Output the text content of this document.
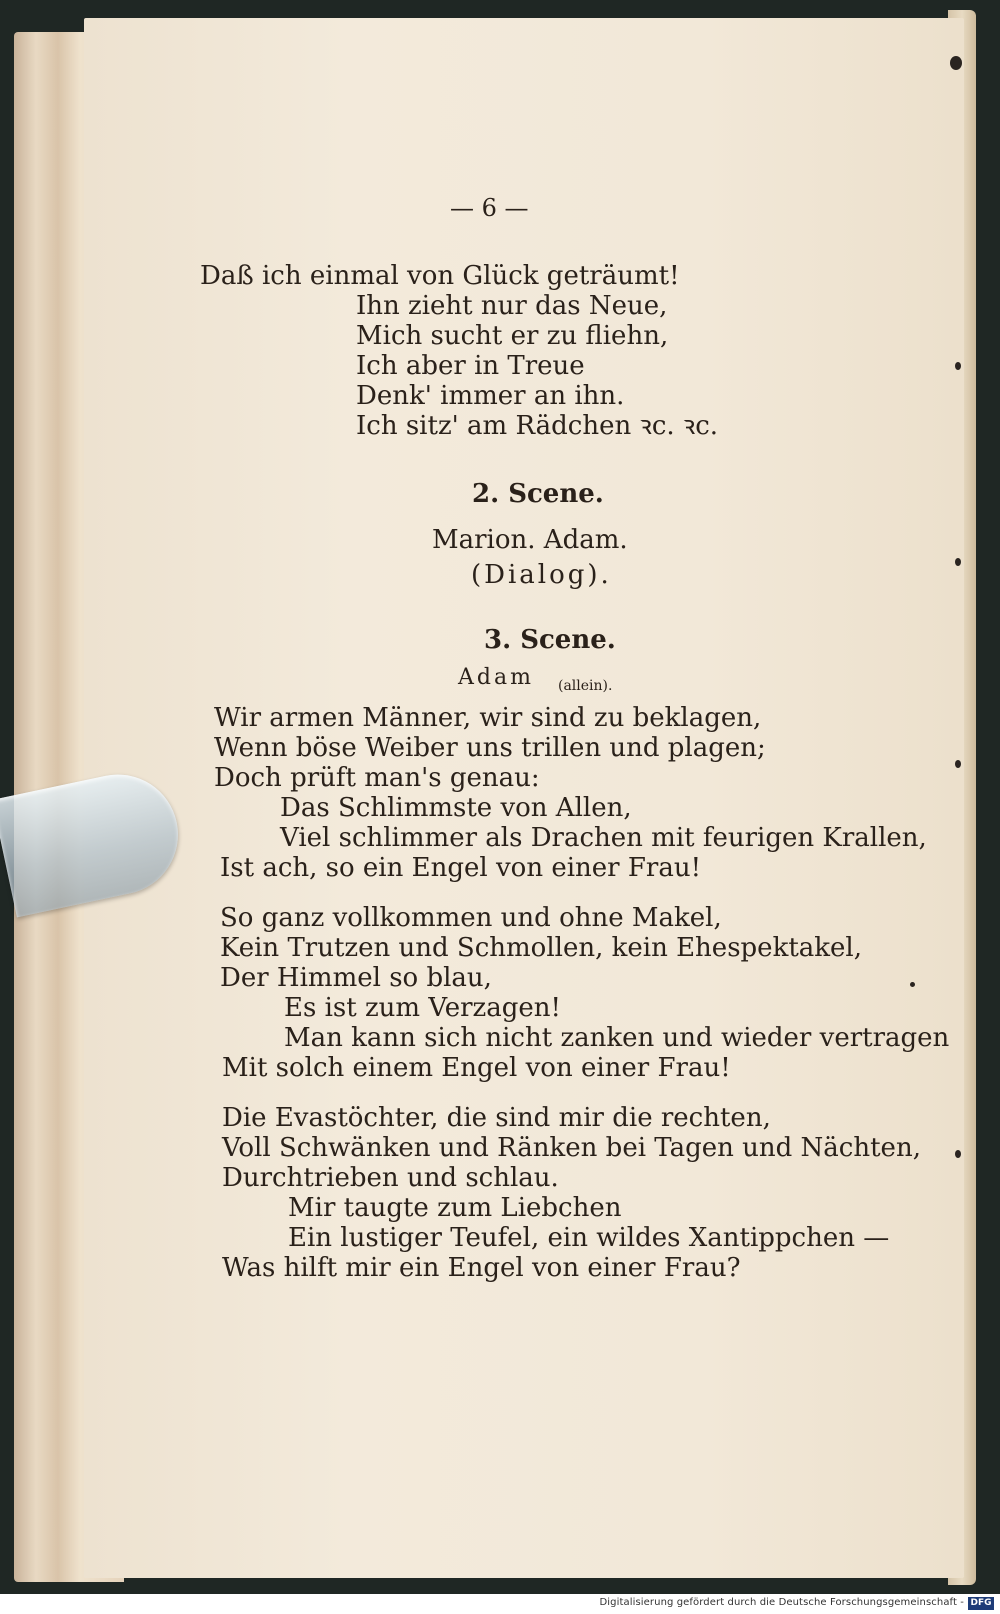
— 6 —
Daß ich einmal von Glück geträumt!
Ihn zieht nur das Neue,
Mich sucht er zu fliehn,
Ich aber in Treue
Denk' immer an ihn.
Ich sitz' am Rädchen ꝛc. ꝛc.
2. Scene.
Marion. Adam.
(Dialog).
3. Scene.
Adam (allein).
Wir armen Männer, wir sind zu beklagen,
Wenn böse Weiber uns trillen und plagen;
Doch prüft man's genau:
Das Schlimmste von Allen,
Viel schlimmer als Drachen mit feurigen Krallen,
Ist ach, so ein Engel von einer Frau!
So ganz vollkommen und ohne Makel,
Kein Trutzen und Schmollen, kein Ehespektakel,
Der Himmel so blau,
Es ist zum Verzagen!
Man kann sich nicht zanken und wieder vertragen
Mit solch einem Engel von einer Frau!
Die Evastöchter, die sind mir die rechten,
Voll Schwänken und Ränken bei Tagen und Nächten,
Durchtrieben und schlau.
Mir taugte zum Liebchen
Ein lustiger Teufel, ein wildes Xantippchen —
Was hilft mir ein Engel von einer Frau?
Digitalisierung gefördert durch die Deutsche Forschungsgemeinschaft - DFG
